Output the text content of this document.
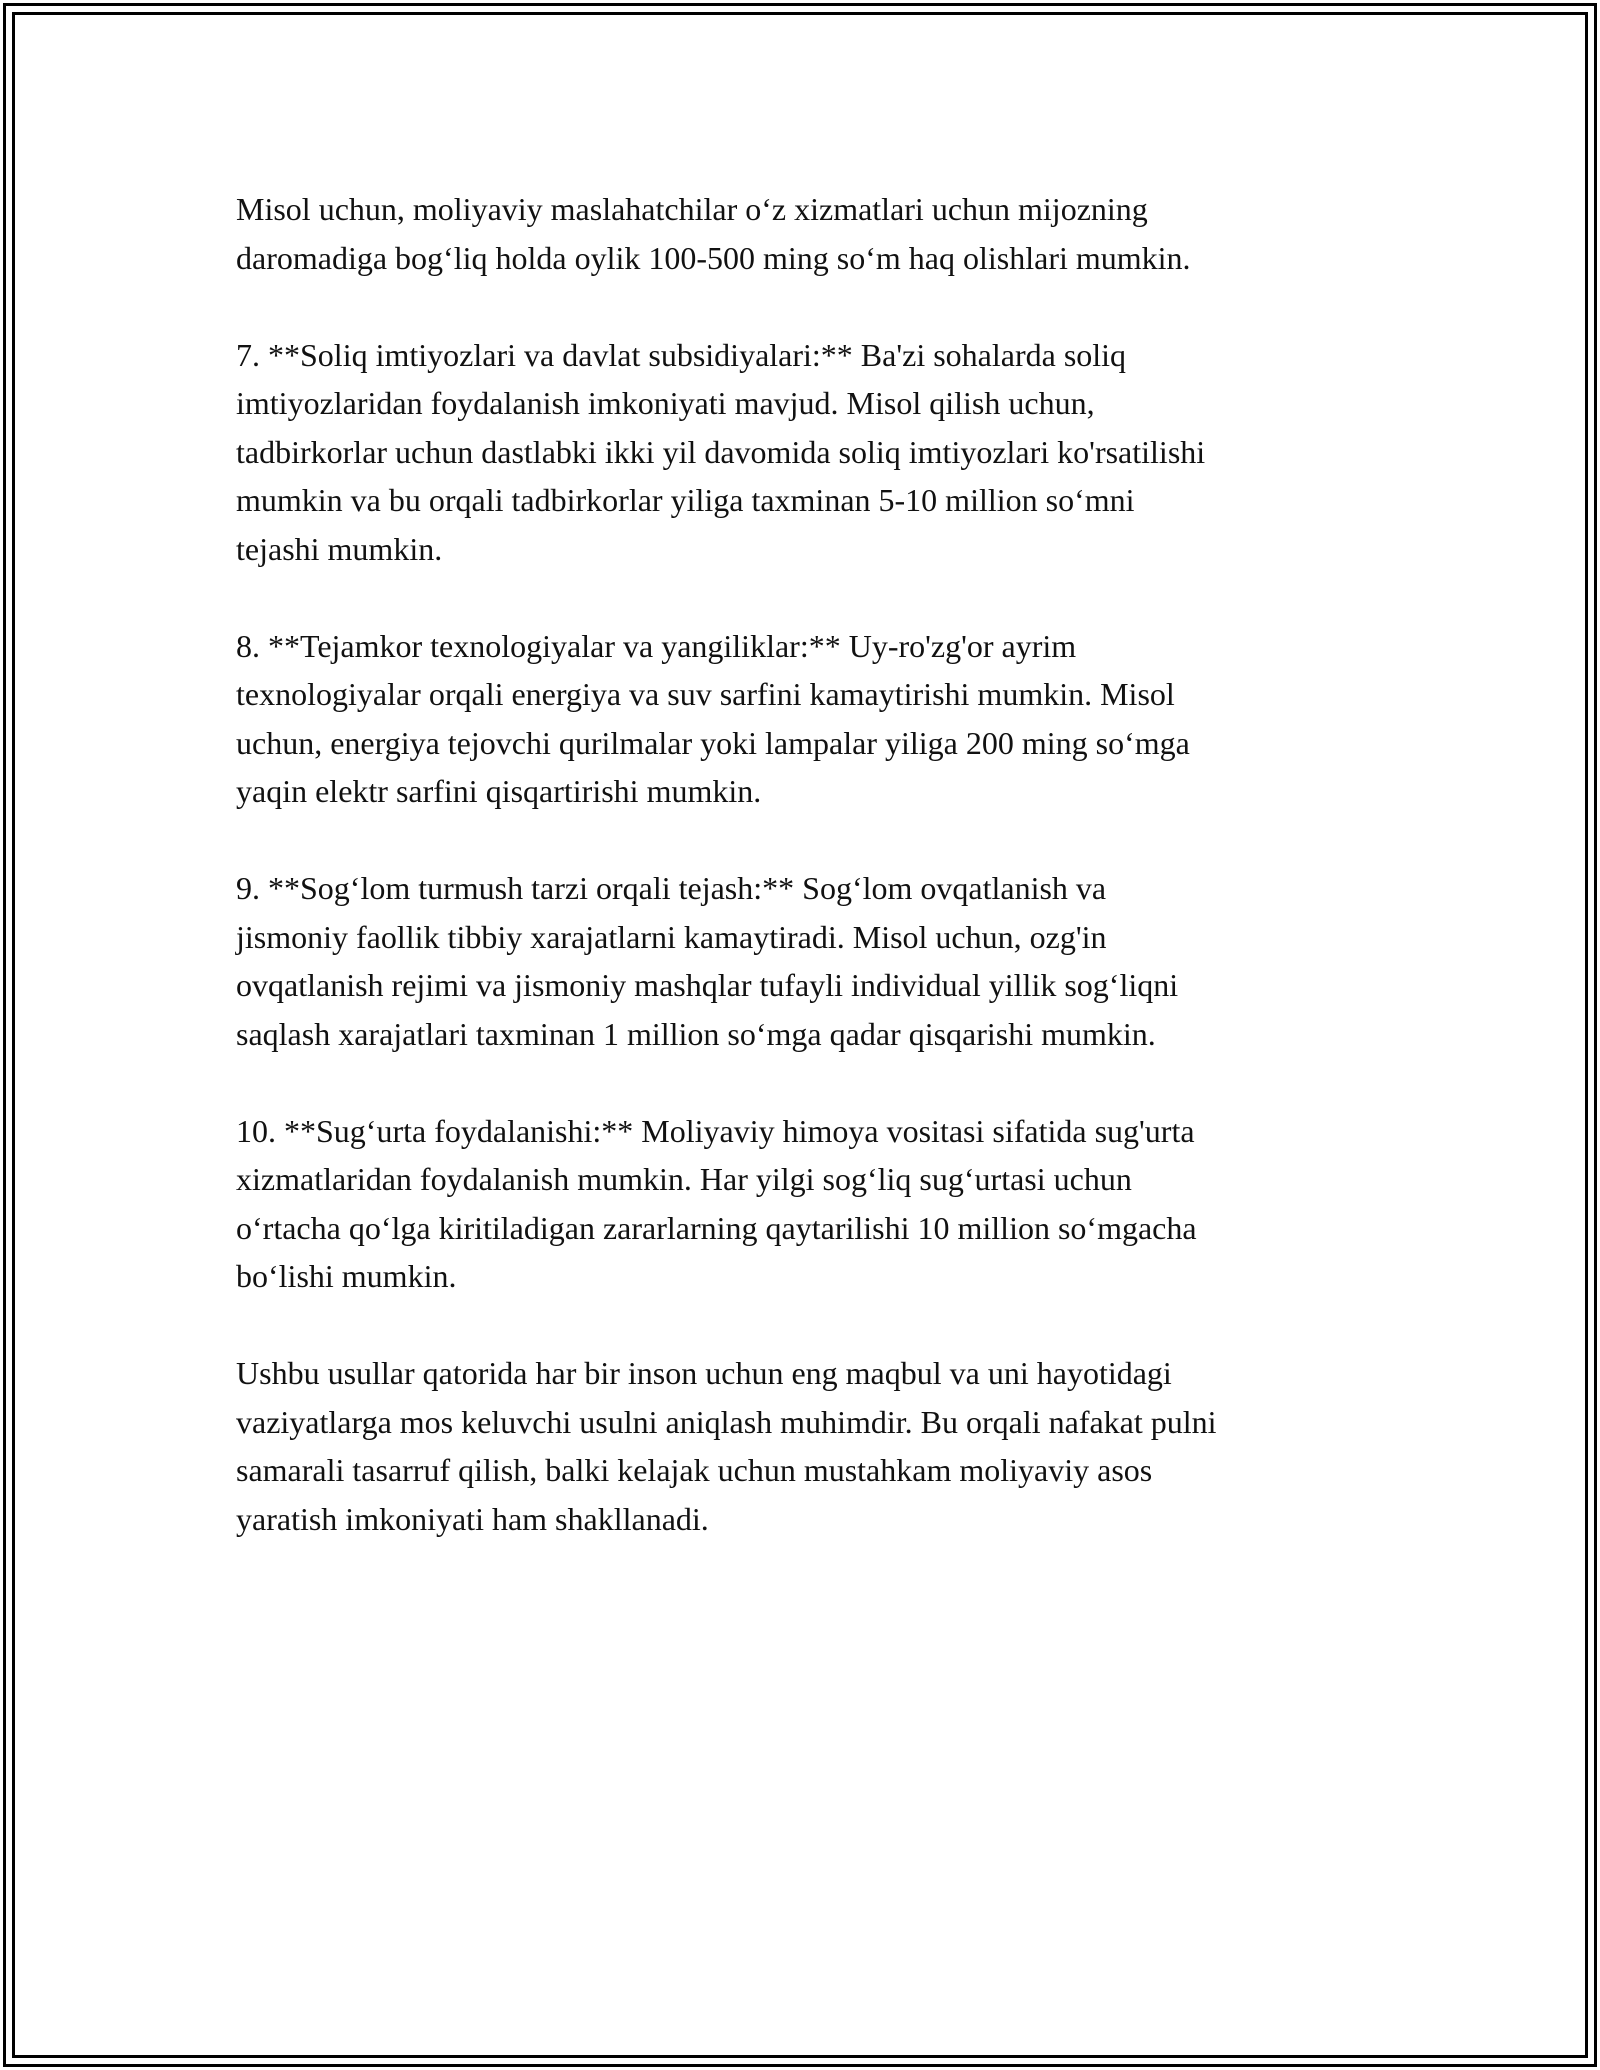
Misol uchun, moliyaviy maslahatchilar o‘z xizmatlari uchun mijozning
daromadiga bog‘liq holda oylik 100-500 ming so‘m haq olishlari mumkin.

7. **Soliq imtiyozlari va davlat subsidiyalari:** Ba'zi sohalarda soliq
imtiyozlaridan foydalanish imkoniyati mavjud. Misol qilish uchun,
tadbirkorlar uchun dastlabki ikki yil davomida soliq imtiyozlari ko'rsatilishi
mumkin va bu orqali tadbirkorlar yiliga taxminan 5-10 million so‘mni
tejashi mumkin.

8. **Tejamkor texnologiyalar va yangiliklar:** Uy-ro'zg'or ayrim
texnologiyalar orqali energiya va suv sarfini kamaytirishi mumkin. Misol
uchun, energiya tejovchi qurilmalar yoki lampalar yiliga 200 ming so‘mga
yaqin elektr sarfini qisqartirishi mumkin.

9. **Sog‘lom turmush tarzi orqali tejash:** Sog‘lom ovqatlanish va
jismoniy faollik tibbiy xarajatlarni kamaytiradi. Misol uchun, ozg'in
ovqatlanish rejimi va jismoniy mashqlar tufayli individual yillik sog‘liqni
saqlash xarajatlari taxminan 1 million so‘mga qadar qisqarishi mumkin.

10. **Sug‘urta foydalanishi:** Moliyaviy himoya vositasi sifatida sug'urta
xizmatlaridan foydalanish mumkin. Har yilgi sog‘liq sug‘urtasi uchun
o‘rtacha qo‘lga kiritiladigan zararlarning qaytarilishi 10 million so‘mgacha
bo‘lishi mumkin.

Ushbu usullar qatorida har bir inson uchun eng maqbul va uni hayotidagi
vaziyatlarga mos keluvchi usulni aniqlash muhimdir. Bu orqali nafakat pulni
samarali tasarruf qilish, balki kelajak uchun mustahkam moliyaviy asos
yaratish imkoniyati ham shakllanadi.
